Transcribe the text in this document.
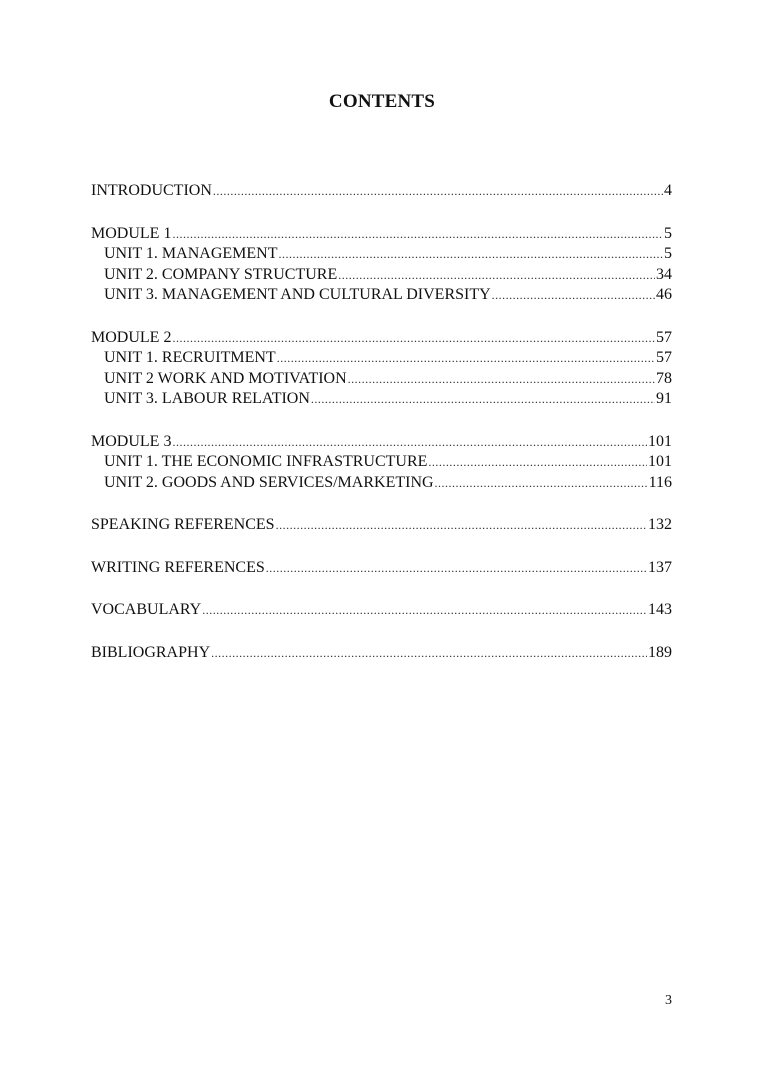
CONTENTS
INTRODUCTION .....	4
MODULE 1 .....	5
UNIT 1. MANAGEMENT .....	5
UNIT 2. COMPANY STRUCTURE .....	34
UNIT 3. MANAGEMENT AND CULTURAL DIVERSITY .....	46
MODULE 2 .....	57
UNIT 1. RECRUITMENT .....	57
UNIT 2 WORK AND MOTIVATION .....	78
UNIT 3. LABOUR RELATION .....	91
MODULE 3 .....	101
UNIT 1. THE ECONOMIC INFRASTRUCTURE .....	101
UNIT 2. GOODS AND SERVICES/MARKETING .....	116
SPEAKING REFERENCES .....	132
WRITING REFERENCES .....	137
VOCABULARY .....	143
BIBLIOGRAPHY .....	189
3
